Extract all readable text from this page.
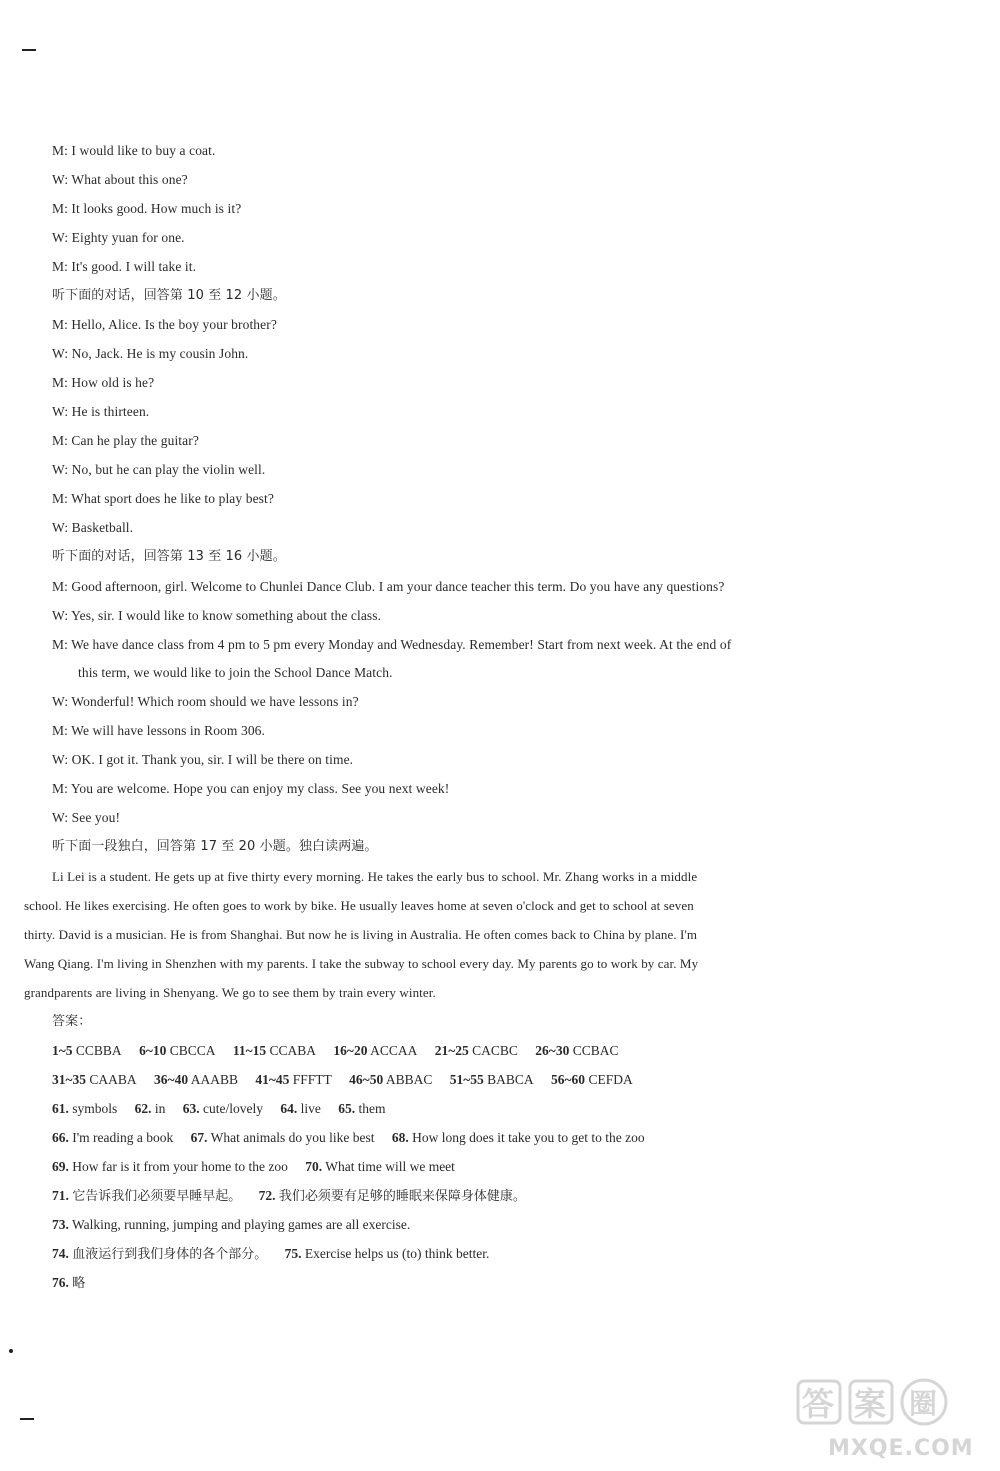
M: I would like to buy a coat.
W: What about this one?
M: It looks good. How much is it?
W: Eighty yuan for one.
M: It's good. I will take it.
听下面的对话，回答第 10 至 12 小题。
M: Hello, Alice. Is the boy your brother?
W: No, Jack. He is my cousin John.
M: How old is he?
W: He is thirteen.
M: Can he play the guitar?
W: No, but he can play the violin well.
M: What sport does he like to play best?
W: Basketball.
听下面的对话，回答第 13 至 16 小题。
M: Good afternoon, girl. Welcome to Chunlei Dance Club. I am your dance teacher this term. Do you have any questions?
W: Yes, sir. I would like to know something about the class.
M: We have dance class from 4 pm to 5 pm every Monday and Wednesday. Remember! Start from next week. At the end of
this term, we would like to join the School Dance Match.
W: Wonderful! Which room should we have lessons in?
M: We will have lessons in Room 306.
W: OK. I got it. Thank you, sir. I will be there on time.
M: You are welcome. Hope you can enjoy my class. See you next week!
W: See you!
听下面一段独白，回答第 17 至 20 小题。独白读两遍。
Li Lei is a student. He gets up at five thirty every morning. He takes the early bus to school. Mr. Zhang works in a middle
school. He likes exercising. He often goes to work by bike. He usually leaves home at seven o'clock and get to school at seven
thirty. David is a musician. He is from Shanghai. But now he is living in Australia. He often comes back to China by plane. I'm
Wang Qiang. I'm living in Shenzhen with my parents. I take the subway to school every day. My parents go to work by car. My
grandparents are living in Shenyang. We go to see them by train every winter.
答案：
1~5 CCBBA 6~10 CBCCA 11~15 CCABA 16~20 ACCAA 21~25 CACBC 26~30 CCBAC
31~35 CAABA 36~40 AAABB 41~45 FFFTT 46~50 ABBAC 51~55 BABCA 56~60 CEFDA
61. symbols 62. in 63. cute/lovely 64. live 65. them
66. I'm reading a book 67. What animals do you like best 68. How long does it take you to get to the zoo
69. How far is it from your home to the zoo 70. What time will we meet
71. 它告诉我们必须要早睡早起。 72. 我们必须要有足够的睡眠来保障身体健康。
73. Walking, running, jumping and playing games are all exercise.
74. 血液运行到我们身体的各个部分。 75. Exercise helps us (to) think better.
76. 略
答 案 圈
MXQE.COM
